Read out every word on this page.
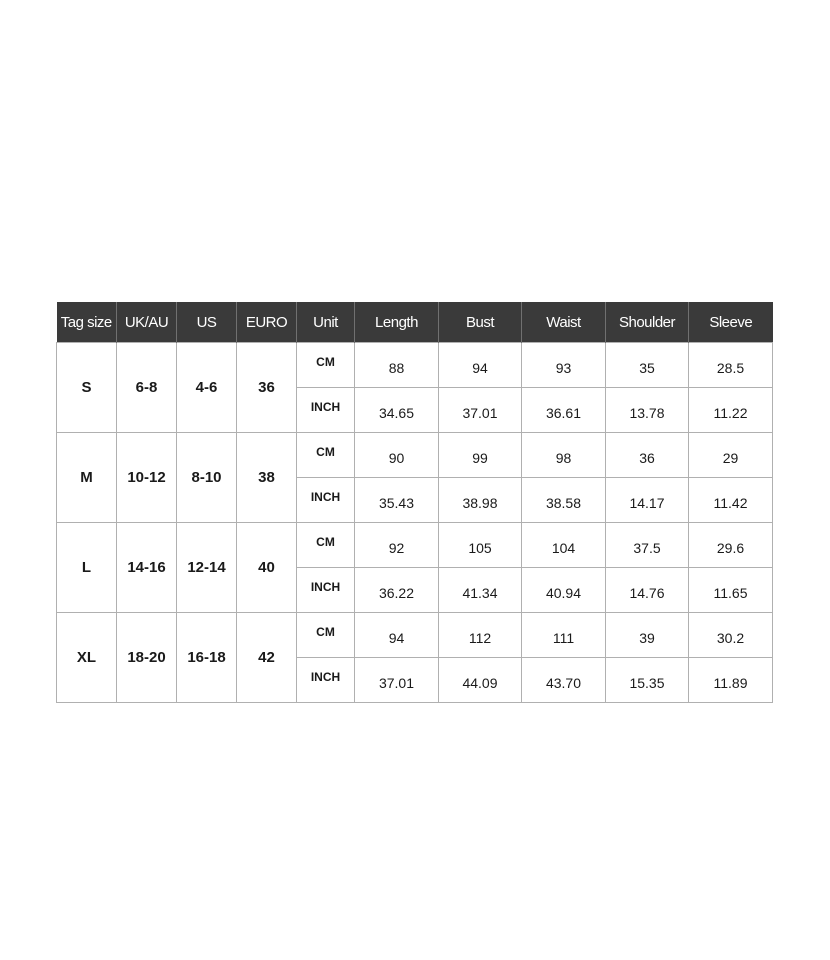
Tag size	UK/AU	US	EURO	Unit	Length	Bust	Waist	Shoulder	Sleeve
S	6-8	4-6	36	CM	88	94	93	35	28.5
				INCH	34.65	37.01	36.61	13.78	11.22
M	10-12	8-10	38	CM	90	99	98	36	29
				INCH	35.43	38.98	38.58	14.17	11.42
L	14-16	12-14	40	CM	92	105	104	37.5	29.6
				INCH	36.22	41.34	40.94	14.76	11.65
XL	18-20	16-18	42	CM	94	112	111	39	30.2
				INCH	37.01	44.09	43.70	15.35	11.89
